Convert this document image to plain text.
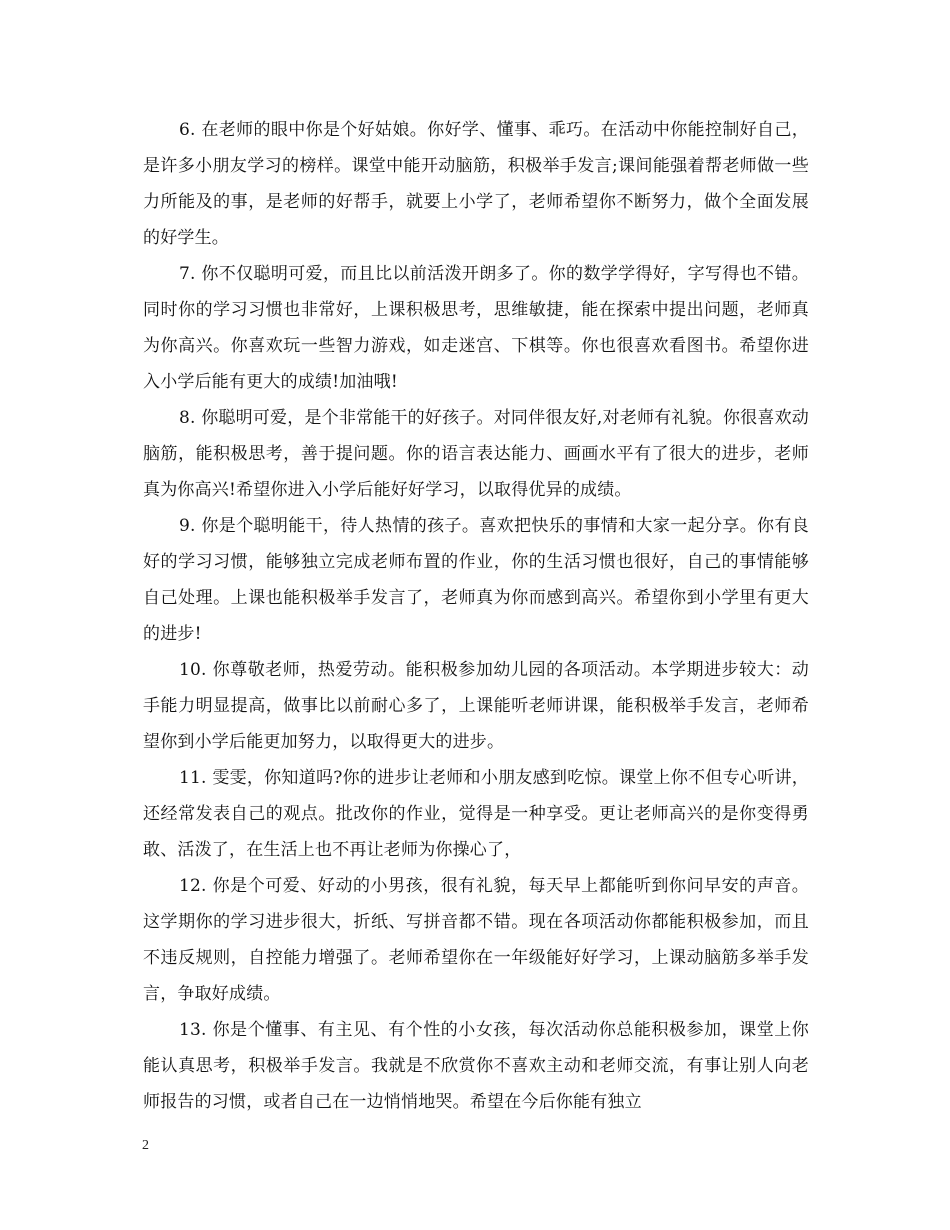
6. 在老师的眼中你是个好姑娘。你好学、懂事、乖巧。在活动中你能控制好自己，是许多小朋友学习的榜样。课堂中能开动脑筋，积极举手发言;课间能强着帮老师做一些力所能及的事，是老师的好帮手，就要上小学了，老师希望你不断努力，做个全面发展的好学生。

7. 你不仅聪明可爱，而且比以前活泼开朗多了。你的数学学得好，字写得也不错。同时你的学习习惯也非常好，上课积极思考，思维敏捷，能在探索中提出问题，老师真为你高兴。你喜欢玩一些智力游戏，如走迷宫、下棋等。你也很喜欢看图书。希望你进入小学后能有更大的成绩!加油哦!

8. 你聪明可爱，是个非常能干的好孩子。对同伴很友好,对老师有礼貌。你很喜欢动脑筋，能积极思考，善于提问题。你的语言表达能力、画画水平有了很大的进步，老师真为你高兴!希望你进入小学后能好好学习，以取得优异的成绩。

9. 你是个聪明能干，待人热情的孩子。喜欢把快乐的事情和大家一起分享。你有良好的学习习惯，能够独立完成老师布置的作业，你的生活习惯也很好，自己的事情能够自己处理。上课也能积极举手发言了，老师真为你而感到高兴。希望你到小学里有更大的进步!

10. 你尊敬老师，热爱劳动。能积极参加幼儿园的各项活动。本学期进步较大：动手能力明显提高，做事比以前耐心多了，上课能听老师讲课，能积极举手发言，老师希望你到小学后能更加努力，以取得更大的进步。

11. 雯雯，你知道吗?你的进步让老师和小朋友感到吃惊。课堂上你不但专心听讲，还经常发表自己的观点。批改你的作业，觉得是一种享受。更让老师高兴的是你变得勇敢、活泼了，在生活上也不再让老师为你操心了，

12. 你是个可爱、好动的小男孩，很有礼貌，每天早上都能听到你问早安的声音。这学期你的学习进步很大，折纸、写拼音都不错。现在各项活动你都能积极参加，而且不违反规则，自控能力增强了。老师希望你在一年级能好好学习，上课动脑筋多举手发言，争取好成绩。

13. 你是个懂事、有主见、有个性的小女孩，每次活动你总能积极参加，课堂上你能认真思考，积极举手发言。我就是不欣赏你不喜欢主动和老师交流，有事让别人向老师报告的习惯，或者自己在一边悄悄地哭。希望在今后你能有独立

2
